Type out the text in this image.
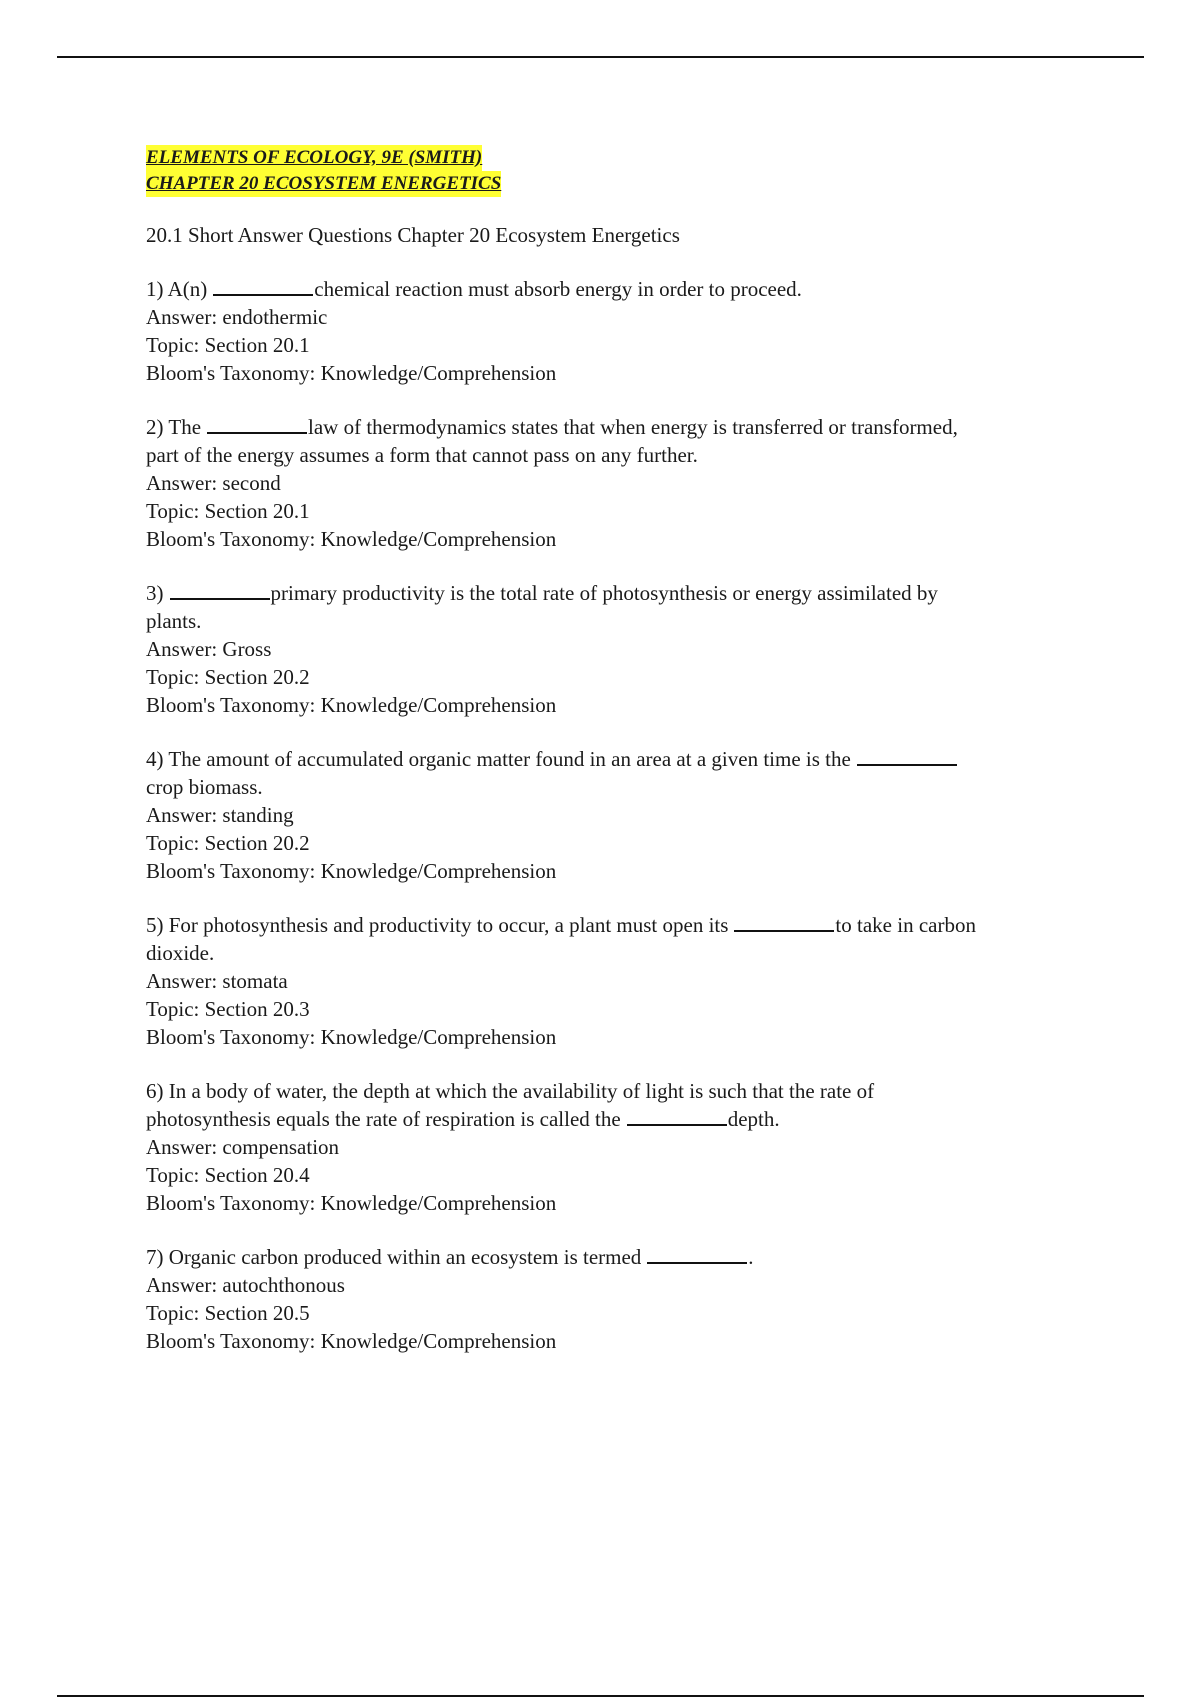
ELEMENTS OF ECOLOGY, 9E (SMITH)
CHAPTER 20 ECOSYSTEM ENERGETICS
20.1 Short Answer Questions Chapter 20 Ecosystem Energetics
1) A(n)	chemical reaction must absorb energy in order to proceed.
Answer: endothermic
Topic: Section 20.1
Bloom's Taxonomy: Knowledge/Comprehension
2) The	law of thermodynamics states that when energy is transferred or transformed,
part of the energy assumes a form that cannot pass on any further.
Answer: second
Topic: Section 20.1
Bloom's Taxonomy: Knowledge/Comprehension
3)	primary productivity is the total rate of photosynthesis or energy assimilated by
plants.
Answer: Gross
Topic: Section 20.2
Bloom's Taxonomy: Knowledge/Comprehension
4) The amount of accumulated organic matter found in an area at a given time is the
crop biomass.
Answer: standing
Topic: Section 20.2
Bloom's Taxonomy: Knowledge/Comprehension
5) For photosynthesis and productivity to occur, a plant must open its	to take in carbon
dioxide.
Answer: stomata
Topic: Section 20.3
Bloom's Taxonomy: Knowledge/Comprehension
6) In a body of water, the depth at which the availability of light is such that the rate of
photosynthesis equals the rate of respiration is called the	depth.
Answer: compensation
Topic: Section 20.4
Bloom's Taxonomy: Knowledge/Comprehension
7) Organic carbon produced within an ecosystem is termed	.
Answer: autochthonous
Topic: Section 20.5
Bloom's Taxonomy: Knowledge/Comprehension
